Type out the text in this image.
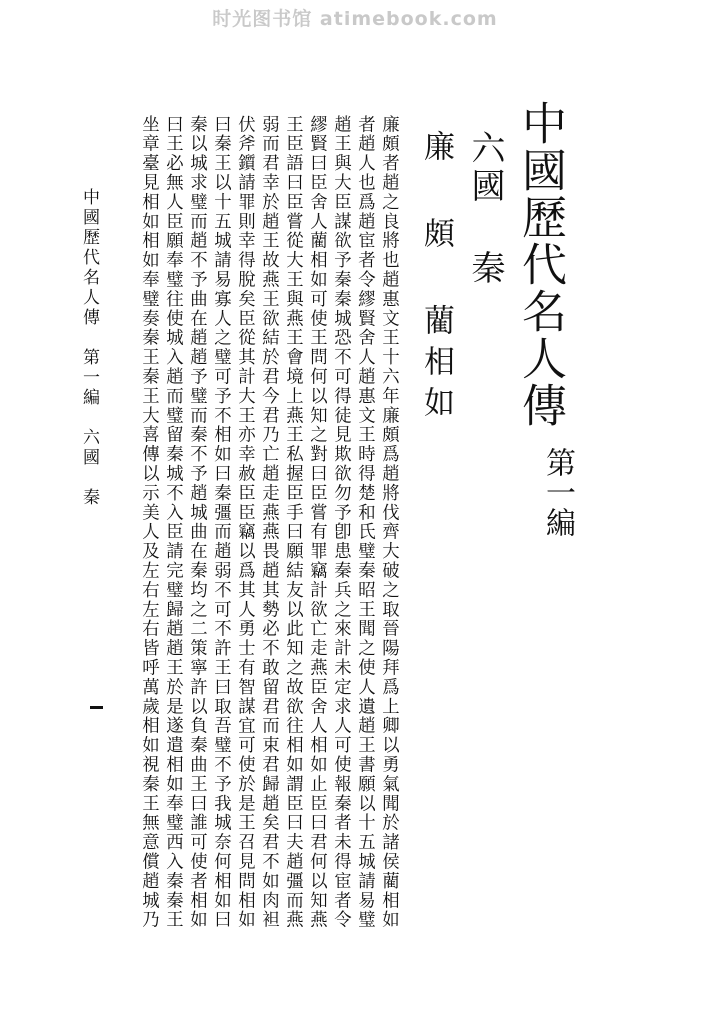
时光图书馆 atimebook.com
中國歷代名人傳
第一編
六國 秦
廉 頗 藺相如
廉頗者趙之良將也趙惠文王十六年廉頗爲趙將伐齊大破之取晉陽拜爲上卿以勇氣聞於諸侯藺相如
者趙人也爲趙宦者令繆賢舍人趙惠文王時得楚和氏璧秦昭王聞之使人遺趙王書願以十五城請易璧
趙王與大臣謀欲予秦秦城恐不可得徒見欺欲勿予卽患秦兵之來計未定求人可使報秦者未得宦者令
繆賢曰臣舍人藺相如可使王問何以知之對曰臣嘗有罪竊計欲亡走燕臣舍人相如止臣曰君何以知燕
王臣語曰臣嘗從大王與燕王會境上燕王私握臣手曰願結友以此知之故欲往相如謂臣曰夫趙彊而燕
弱而君幸於趙王故燕王欲結於君今君乃亡趙走燕燕畏趙其勢必不敢留君而束君歸趙矣君不如肉袒
伏斧鑕請罪則幸得脫矣臣從其計大王亦幸赦臣臣竊以爲其人勇士有智謀宜可使於是王召見問相如
曰秦王以十五城請易寡人之璧可予不相如曰秦彊而趙弱不可不許王曰取吾璧不予我城奈何相如曰
秦以城求璧而趙不予曲在趙趙予璧而秦不予趙城曲在秦均之二策寧許以負秦曲王曰誰可使者相如
曰王必無人臣願奉璧往使城入趙而璧留秦城不入臣請完璧歸趙趙王於是遂遣相如奉璧西入秦秦王
坐章臺見相如相如奉璧奏秦王秦王大喜傳以示美人及左右左右皆呼萬歲相如視秦王無意償趙城乃
中國歷代名人傳　第一編　六國　秦
